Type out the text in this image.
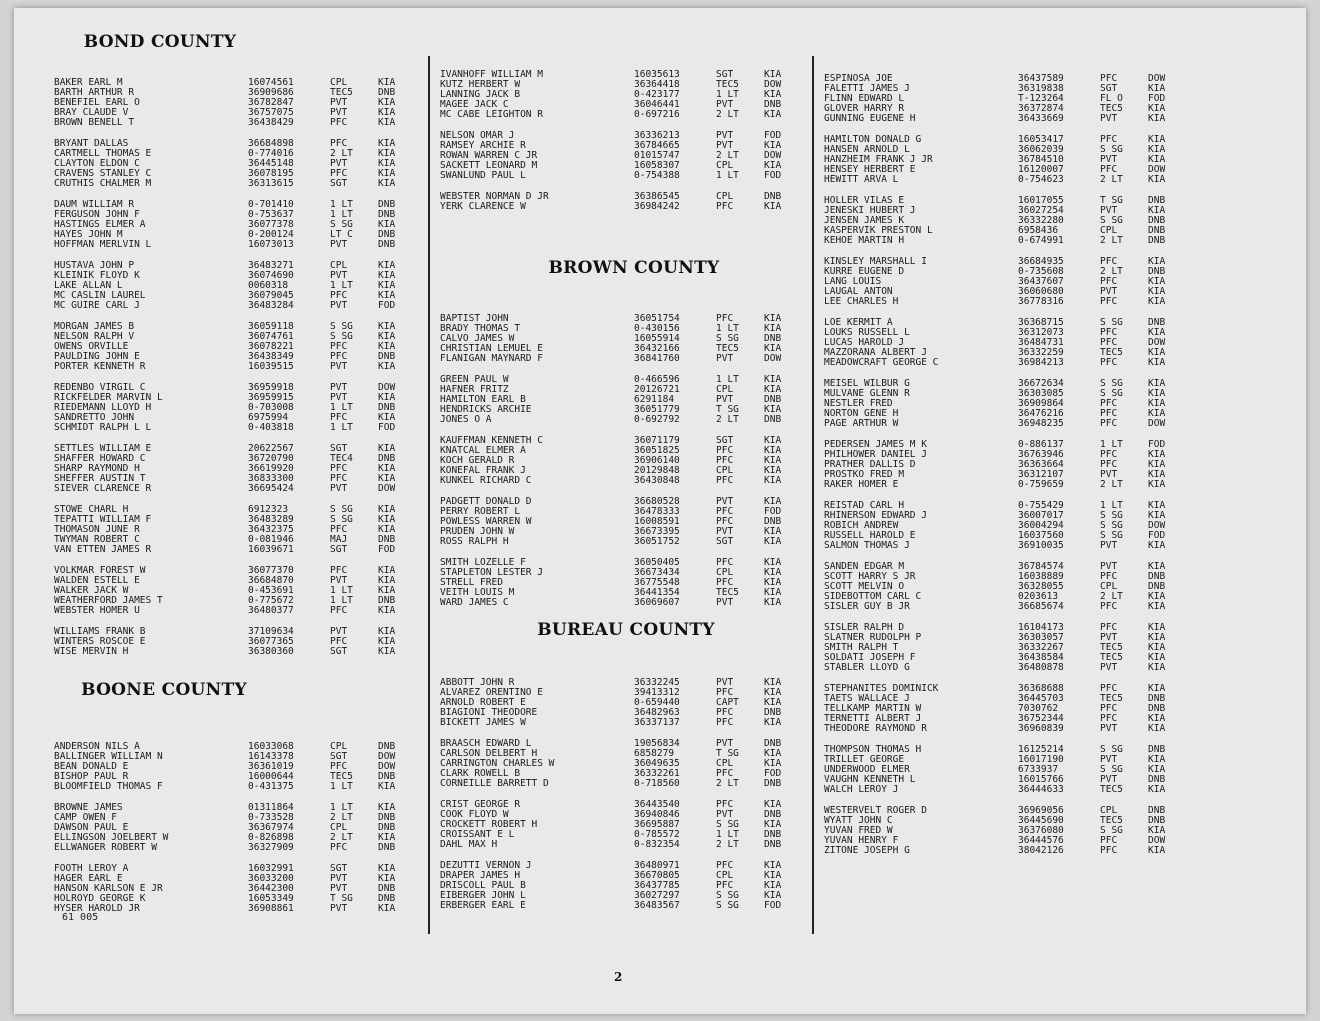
BOND COUNTY
BAKER EARL M	16074561	CPL	KIA
BARTH ARTHUR R	36909686	TEC5	DNB
BENEFIEL EARL O	36782847	PVT	KIA
BRAY CLAUDE V	36757075	PVT	KIA
BROWN BENELL T	36438429	PFC	KIA
BRYANT DALLAS	36684898	PFC	KIA
CARTMELL THOMAS E	0-774016	2 LT	KIA
CLAYTON ELDON C	36445148	PVT	KIA
CRAVENS STANLEY C	36078195	PFC	KIA
CRUTHIS CHALMER M	36313615	SGT	KIA
DAUM WILLIAM R	0-701410	1 LT	DNB
FERGUSON JOHN F	0-753637	1 LT	DNB
HASTINGS ELMER A	36077378	S SG	KIA
HAYES JOHN M	0-200124	LT C	DNB
HOFFMAN MERLVIN L	16073013	PVT	DNB
HUSTAVA JOHN P	36483271	CPL	KIA
KLEINIK FLOYD K	36074690	PVT	KIA
LAKE ALLAN L	0060318	1 LT	KIA
MC CASLIN LAUREL	36079045	PFC	KIA
MC GUIRE CARL J	36483284	PVT	FOD
MORGAN JAMES B	36059118	S SG	KIA
NELSON RALPH V	36074761	S SG	KIA
OWENS ORVILLE	36078221	PFC	KIA
PAULDING JOHN E	36438349	PFC	DNB
PORTER KENNETH R	16039515	PVT	KIA
REDENBO VIRGIL C	36959918	PVT	DOW
RICKFELDER MARVIN L	36959915	PVT	KIA
RIEDEMANN LLOYD H	0-703008	1 LT	DNB
SANDRETTO JOHN	6975994	PFC	KIA
SCHMIDT RALPH L L	0-403818	1 LT	FOD
SETTLES WILLIAM E	20622567	SGT	KIA
SHAFFER HOWARD C	36720790	TEC4	DNB
SHARP RAYMOND H	36619920	PFC	KIA
SHEFFER AUSTIN T	36833300	PFC	KIA
SIEVER CLARENCE R	36695424	PVT	DOW
STOWE CHARL H	6912323	S SG	KIA
TEPATTI WILLIAM F	36483289	S SG	KIA
THOMASON JUNE R	36432375	PFC	KIA
TWYMAN ROBERT C	0-081946	MAJ	DNB
VAN ETTEN JAMES R	16039671	SGT	FOD
VOLKMAR FOREST W	36077370	PFC	KIA
WALDEN ESTELL E	36684870	PVT	KIA
WALKER JACK W	0-453691	1 LT	KIA
WEATHERFORD JAMES T	0-775672	1 LT	DNB
WEBSTER HOMER U	36480377	PFC	KIA
WILLIAMS FRANK B	37109634	PVT	KIA
WINTERS ROSCOE E	36077365	PFC	KIA
WISE MERVIN H	36380360	SGT	KIA
BOONE COUNTY
ANDERSON NILS A	16033068	CPL	DNB
BALLINGER WILLIAM N	16143378	SGT	DOW
BEAN DONALD E	36361019	PFC	DOW
BISHOP PAUL R	16000644	TEC5	DNB
BLOOMFIELD THOMAS F	0-431375	1 LT	KIA
BROWNE JAMES	01311864	1 LT	KIA
CAMP OWEN F	0-733528	2 LT	DNB
DAWSON PAUL E	36367974	CPL	DNB
ELLINGSON JOELBERT W	0-826898	2 LT	KIA
ELLWANGER ROBERT W	36327909	PFC	DNB
FOOTH LEROY A	16032991	SGT	KIA
HAGER EARL E	36033200	PVT	KIA
HANSON KARLSON E JR	36442300	PVT	DNB
HOLROYD GEORGE K	16053349	T SG	DNB
HYSER HAROLD JR	36908861	PVT	KIA
IVANHOFF WILLIAM M	16035613	SGT	KIA
KUTZ HERBERT W	36364418	TEC5	DOW
LANNING JACK B	0-423177	1 LT	KIA
MAGEE JACK C	36046441	PVT	DNB
MC CABE LEIGHTON R	0-697216	2 LT	KIA
NELSON OMAR J	36336213	PVT	FOD
RAMSEY ARCHIE R	36784665	PVT	KIA
ROWAN WARREN C JR	01015747	2 LT	DOW
SACKETT LEONARD M	16058307	CPL	KIA
SWANLUND PAUL L	0-754388	1 LT	FOD
WEBSTER NORMAN D JR	36386545	CPL	DNB
YERK CLARENCE W	36984242	PFC	KIA
BROWN COUNTY
BAPTIST JOHN	36051754	PFC	KIA
BRADY THOMAS T	0-430156	1 LT	KIA
CALVO JAMES W	16055914	S SG	DNB
CHRISTIAN LEMUEL E	36432166	TEC5	KIA
FLANIGAN MAYNARD F	36841760	PVT	DOW
GREEN PAUL W	0-466596	1 LT	KIA
HAFNER FRITZ	20126721	CPL	KIA
HAMILTON EARL B	6291184	PVT	DNB
HENDRICKS ARCHIE	36051779	T SG	KIA
JONES O A	0-692792	2 LT	DNB
KAUFFMAN KENNETH C	36071179	SGT	KIA
KNATCAL ELMER A	36051825	PFC	KIA
KOCH GERALD R	36906140	PFC	KIA
KONEFAL FRANK J	20129848	CPL	KIA
KUNKEL RICHARD C	36430848	PFC	KIA
PADGETT DONALD D	36680528	PVT	KIA
PERRY ROBERT L	36478333	PFC	FOD
POWLESS WARREN W	16008591	PFC	DNB
PRUDEN JOHN W	36673395	PVT	KIA
ROSS RALPH H	36051752	SGT	KIA
SMITH LOZELLE F	36050405	PFC	KIA
STAPLETON LESTER J	36673434	CPL	KIA
STRELL FRED	36775548	PFC	KIA
VEITH LOUIS M	36441354	TEC5	KIA
WARD JAMES C	36069607	PVT	KIA
BUREAU COUNTY
ABBOTT JOHN R	36332245	PVT	KIA
ALVAREZ ORENTINO E	39413312	PFC	KIA
ARNOLD ROBERT E	0-659440	CAPT	KIA
BIAGIONI THEODORE	36482963	PFC	DNB
BICKETT JAMES W	36337137	PFC	KIA
BRAASCH EDWARD L	19056834	PVT	DNB
CARLSON DELBERT H	6858279	T SG	KIA
CARRINGTON CHARLES W	36049635	CPL	KIA
CLARK ROWELL B	36332261	PFC	FOD
CORNEILLE BARRETT D	0-718560	2 LT	DNB
CRIST GEORGE R	36443540	PFC	KIA
COOK FLOYD W	36940846	PVT	DNB
CROCKETT ROBERT H	36695887	S SG	KIA
CROISSANT E L	0-785572	1 LT	DNB
DAHL MAX H	0-832354	2 LT	DNB
DEZUTTI VERNON J	36480971	PFC	KIA
DRAPER JAMES H	36670805	CPL	KIA
DRISCOLL PAUL B	36437785	PFC	KIA
EIBERGER JOHN L	36027297	S SG	KIA
ERBERGER EARL E	36483567	S SG	FOD
ESPINOSA JOE	36437589	PFC	DOW
FALETTI JAMES J	36319838	SGT	KIA
FLINN EDWARD L	T-123264	FL O	FOD
GLOVER HARRY R	36372874	TEC5	KIA
GUNNING EUGENE H	36433669	PVT	KIA
HAMILTON DONALD G	16053417	PFC	KIA
HANSEN ARNOLD L	36062039	S SG	KIA
HANZHEIM FRANK J JR	36784510	PVT	KIA
HENSEY HERBERT E	16120007	PFC	DOW
HEWITT ARVA L	0-754623	2 LT	KIA
HOLLER VILAS E	16017055	T SG	DNB
JENESKI HUBERT J	36027254	PVT	KIA
JENSEN JAMES K	36332280	S SG	DNB
KASPERVIK PRESTON L	6958436	CPL	DNB
KEHOE MARTIN H	0-674991	2 LT	DNB
KINSLEY MARSHALL I	36684935	PFC	KIA
KURRE EUGENE D	0-735608	2 LT	DNB
LANG LOUIS	36437607	PFC	KIA
LAUGAL ANTON	36060680	PVT	KIA
LEE CHARLES H	36778316	PFC	KIA
LOE KERMIT A	36368715	S SG	DNB
LOUKS RUSSELL L	36312073	PFC	KIA
LUCAS HAROLD J	36484731	PFC	DOW
MAZZORANA ALBERT J	36332259	TEC5	KIA
MEADOWCRAFT GEORGE C	36984213	PFC	KIA
MEISEL WILBUR G	36672634	S SG	KIA
MULVANE GLENN R	36303085	S SG	KIA
NESTLER FRED	36909864	PFC	KIA
NORTON GENE H	36476216	PFC	KIA
PAGE ARTHUR W	36948235	PFC	DOW
PEDERSEN JAMES M K	0-886137	1 LT	FOD
PHILHOWER DANIEL J	36763946	PFC	KIA
PRATHER DALLIS D	36363664	PFC	KIA
PROSTKO FRED M	36312107	PVT	KIA
RAKER HOMER E	0-759659	2 LT	KIA
REISTAD CARL H	0-755429	1 LT	KIA
RHINERSON EDWARD J	36007017	S SG	KIA
ROBICH ANDREW	36004294	S SG	DOW
RUSSELL HAROLD E	16037560	S SG	FOD
SALMON THOMAS J	36910035	PVT	KIA
SANDEN EDGAR M	36784574	PVT	KIA
SCOTT HARRY S JR	16038889	PFC	DNB
SCOTT MELVIN O	36328055	CPL	DNB
SIDEBOTTOM CARL C	0203613	2 LT	KIA
SISLER GUY B JR	36685674	PFC	KIA
SISLER RALPH D	16104173	PFC	KIA
SLATNER RUDOLPH P	36303057	PVT	KIA
SMITH RALPH T	36332267	TEC5	KIA
SOLDATI JOSEPH F	36438584	TEC5	KIA
STABLER LLOYD G	36480878	PVT	KIA
STEPHANITES DOMINICK	36368688	PFC	KIA
TAETS WALLACE J	36445703	TEC5	DNB
TELLKAMP MARTIN W	7030762	PFC	DNB
TERNETTI ALBERT J	36752344	PFC	KIA
THEODORE RAYMOND R	36960839	PVT	KIA
THOMPSON THOMAS H	16125214	S SG	DNB
TRILLET GEORGE	16017190	PVT	KIA
UNDERWOOD ELMER	6733937	S SG	KIA
VAUGHN KENNETH L	16015766	PVT	DNB
WALCH LEROY J	36444633	TEC5	KIA
WESTERVELT ROGER D	36969056	CPL	DNB
WYATT JOHN C	36445690	TEC5	DNB
YUVAN FRED W	36376080	S SG	KIA
YUVAN HENRY F	36444576	PFC	DOW
ZITONE JOSEPH G	38042126	PFC	KIA
61 005
2
